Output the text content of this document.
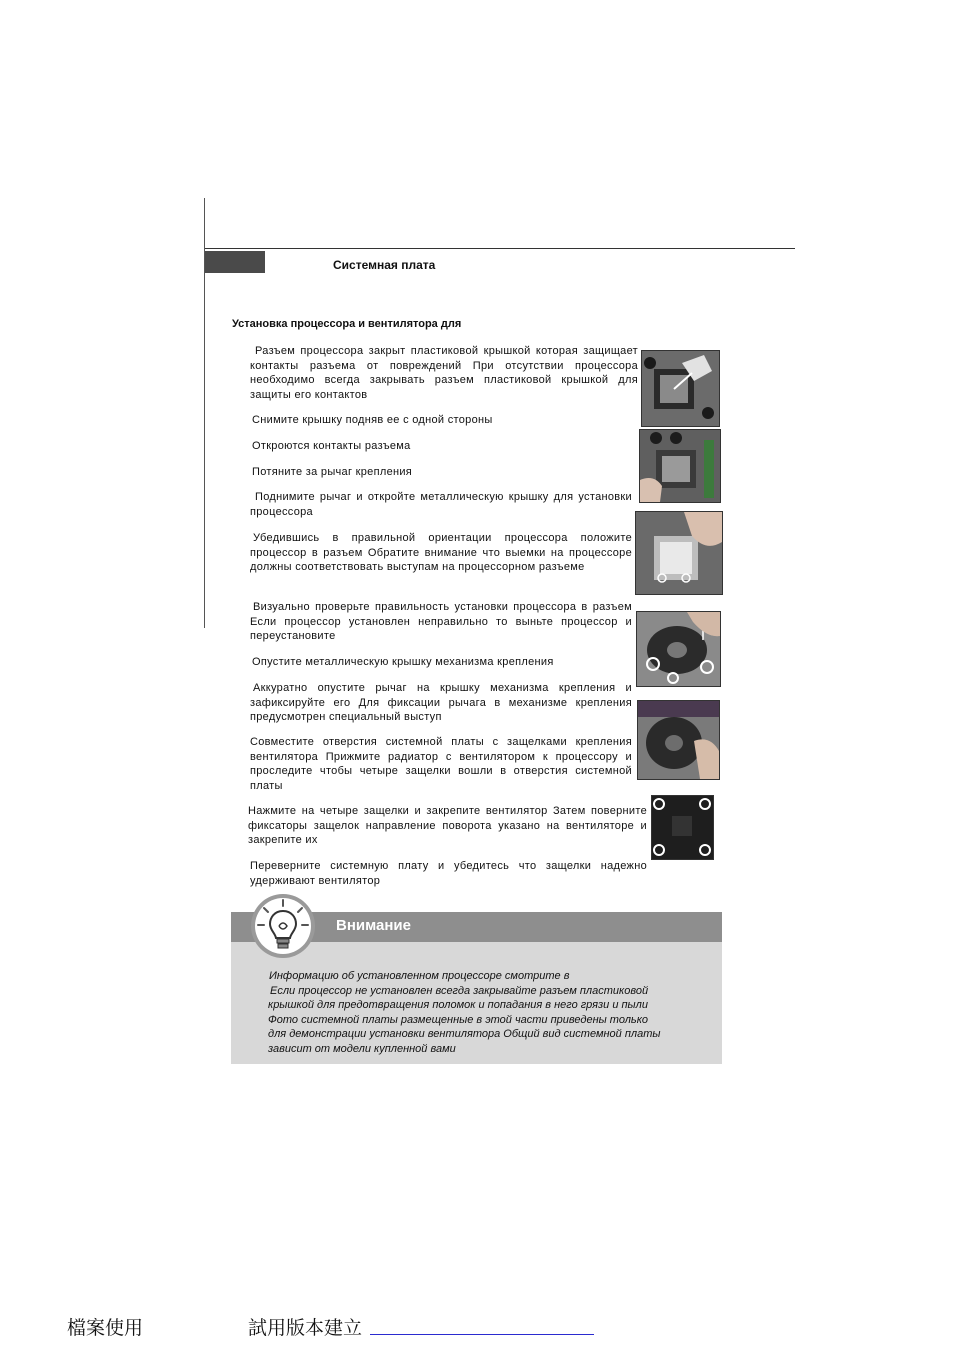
Системная плата
Установка процессора и вентилятора для
Разъем процессора закрыт пластиковой крышкой которая защищает контакты разъема от повреждений При отсутствии процессора необходимо всегда закрывать разъем пластиковой крышкой для защиты его контактов
Снимите крышку подняв ее с одной стороны
Откроются контакты разъема
Потяните за рычаг крепления
Поднимите рычаг и откройте металлическую крышку для установки процессора
Убедившись в правильной ориентации процессора положите процессор в разъем Обратите внимание что выемки на процессоре должны соответствовать выступам на процессорном разъеме
Визуально проверьте правильность установки процессора в разъем Если процессор установлен неправильно то выньте процессор и переустановите
Опустите металлическую крышку механизма крепления
Аккуратно опустите рычаг на крышку механизма крепления и зафиксируйте его Для фиксации рычага в механизме крепления предусмотрен специальный выступ
Совместите отверстия системной платы с защелками крепления вентилятора Прижмите радиатор с вентилятором к процессору и проследите чтобы четыре защелки вошли в отверстия системной платы
Нажмите на четыре защелки и закрепите вентилятор Затем поверните фиксаторы защелок направление поворота указано на вентиляторе и закрепите их
Переверните системную плату и убедитесь что защелки надежно удерживают вентилятор
Внимание
Информацию об установленном процессоре смотрите в
Если процессор не установлен всегда закрывайте разъем пластиковой
крышкой для предотвращения поломок и попадания в него грязи и пыли
Фото системной платы размещенные в этой части приведены только
для демонстрации установки вентилятора Общий вид системной платы
зависит от модели купленной вами
檔案使用	試用版本建立
